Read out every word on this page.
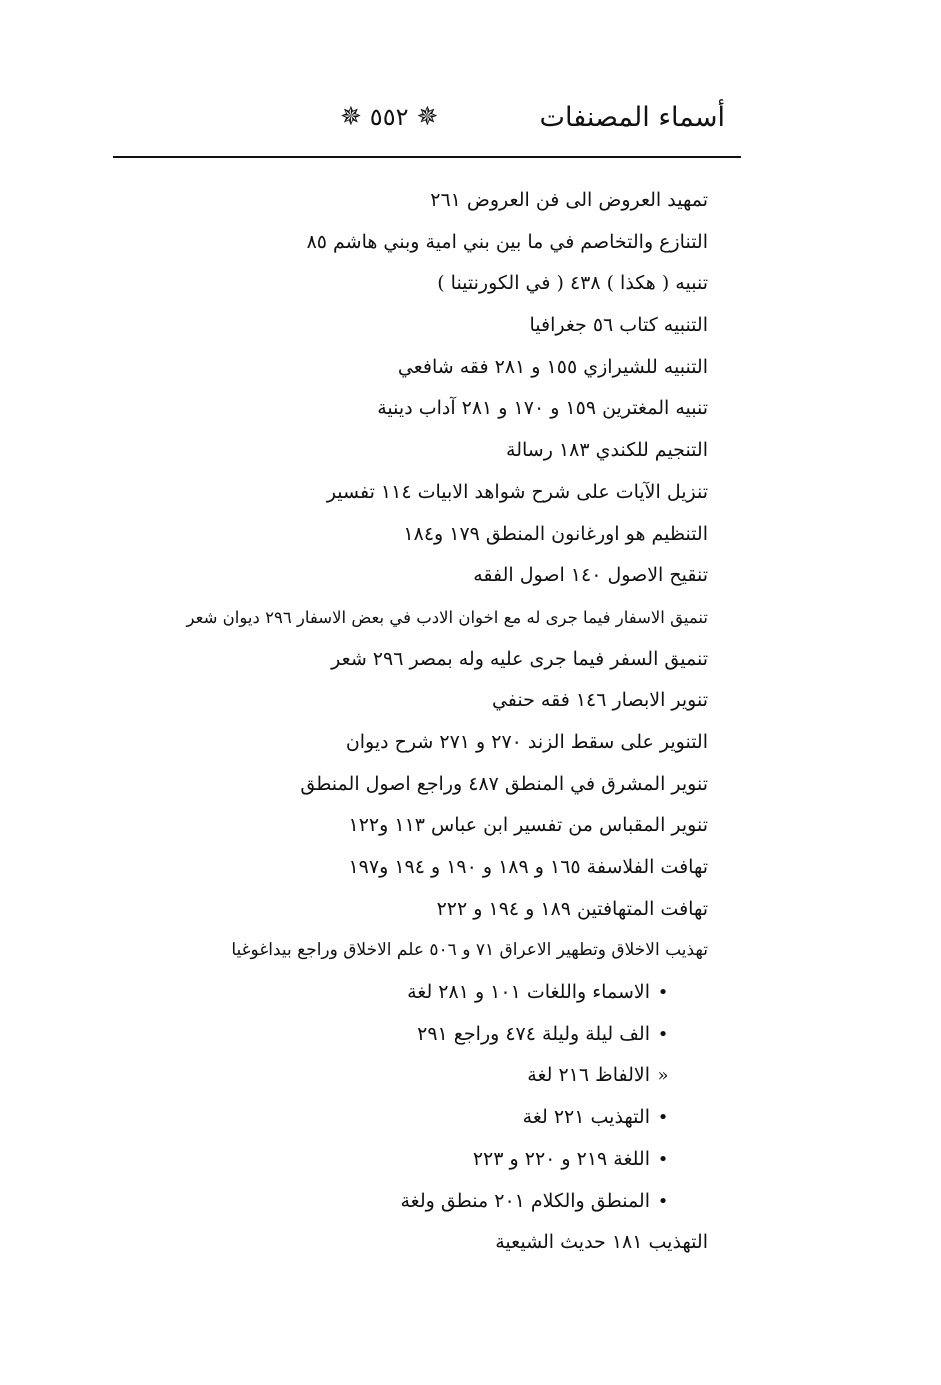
أسماء المصنفات
✵ ٥٥٢ ✵
تمهيد العروض الى فن العروض ٢٦١
التنازع والتخاصم في ما بين بني امية وبني هاشم ٨٥
تنبيه ( هكذا ) ٤٣٨ ( في الكورنتينا )
التنبيه كتاب ٥٦ جغرافيا
التنبيه للشيرازي ١٥٥ و ٢٨١ فقه شافعي
تنبيه المغترين ١٥٩ و ١٧٠ و ٢٨١ آداب دينية
التنجيم للكندي ١٨٣ رسالة
تنزيل الآيات على شرح شواهد الابيات ١١٤ تفسير
التنظيم هو اورغانون المنطق ١٧٩ و١٨٤
تنقيح الاصول ١٤٠ اصول الفقه
تنميق الاسفار فيما جرى له مع اخوان الادب في بعض الاسفار ٢٩٦ ديوان شعر
تنميق السفر فيما جرى عليه وله بمصر ٢٩٦ شعر
تنوير الابصار ١٤٦ فقه حنفي
التنوير على سقط الزند ٢٧٠ و ٢٧١ شرح ديوان
تنوير المشرق في المنطق ٤٨٧ وراجع اصول المنطق
تنوير المقباس من تفسير ابن عباس ١١٣ و١٢٢
تهافت الفلاسفة ١٦٥ و ١٨٩ و ١٩٠ و ١٩٤ و١٩٧
تهافت المتهافتين ١٨٩ و ١٩٤ و ٢٢٢
تهذيب الاخلاق وتطهير الاعراق ٧١ و ٥٠٦ علم الاخلاق وراجع بيداغوغيا
•
الاسماء واللغات ١٠١ و ٢٨١ لغة
•
الف ليلة وليلة ٤٧٤ وراجع ٢٩١
«
الالفاظ ٢١٦ لغة
•
التهذيب ٢٢١ لغة
•
اللغة ٢١٩ و ٢٢٠ و ٢٢٣
•
المنطق والكلام ٢٠١ منطق ولغة
التهذيب ١٨١ حديث الشيعية
